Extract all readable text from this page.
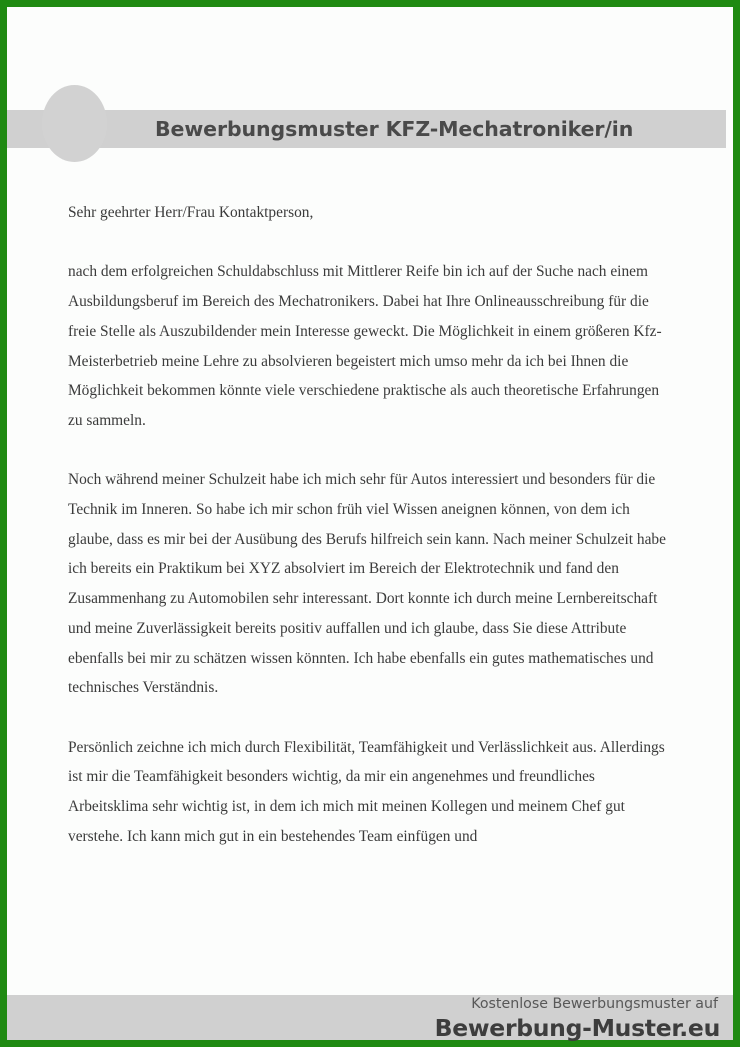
Bewerbungsmuster KFZ-Mechatroniker/in

Sehr geehrter Herr/Frau Kontaktperson,

nach dem erfolgreichen Schuldabschluss mit Mittlerer Reife bin ich auf der Suche nach einem Ausbildungsberuf im Bereich des Mechatronikers. Dabei hat Ihre Onlineausschreibung für die freie Stelle als Auszubildender mein Interesse geweckt. Die Möglichkeit in einem größeren Kfz-Meisterbetrieb meine Lehre zu absolvieren begeistert mich umso mehr da ich bei Ihnen die Möglichkeit bekommen könnte viele verschiedene praktische als auch theoretische Erfahrungen zu sammeln.

Noch während meiner Schulzeit habe ich mich sehr für Autos interessiert und besonders für die Technik im Inneren. So habe ich mir schon früh viel Wissen aneignen können, von dem ich glaube, dass es mir bei der Ausübung des Berufs hilfreich sein kann. Nach meiner Schulzeit habe ich bereits ein Praktikum bei XYZ absolviert im Bereich der Elektrotechnik und fand den Zusammenhang zu Automobilen sehr interessant. Dort konnte ich durch meine Lernbereitschaft und meine Zuverlässigkeit bereits positiv auffallen und ich glaube, dass Sie diese Attribute ebenfalls bei mir zu schätzen wissen könnten. Ich habe ebenfalls ein gutes mathematisches und technisches Verständnis.

Persönlich zeichne ich mich durch Flexibilität, Teamfähigkeit und Verlässlichkeit aus. Allerdings ist mir die Teamfähigkeit besonders wichtig, da mir ein angenehmes und freundliches Arbeitsklima sehr wichtig ist, in dem ich mich mit meinen Kollegen und meinem Chef gut verstehe. Ich kann mich gut in ein bestehendes Team einfügen und

Kostenlose Bewerbungsmuster auf
Bewerbung-Muster.eu
